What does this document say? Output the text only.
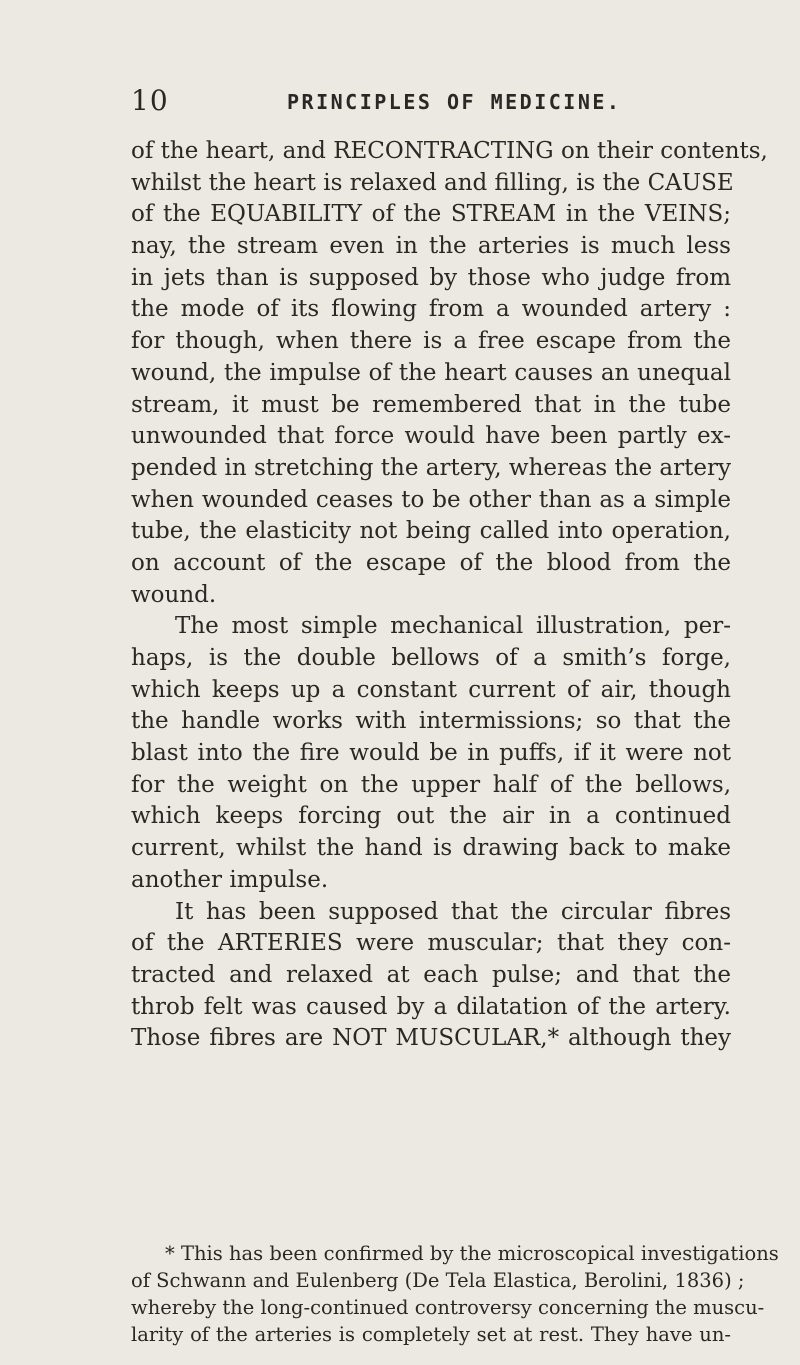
10	PRINCIPLES OF MEDICINE.
of the heart, and RECONTRACTING on their contents,
whilst the heart is relaxed and filling, is the CAUSE
of the EQUABILITY of the STREAM in the VEINS;
nay, the stream even in the arteries is much less
in jets than is supposed by those who judge from
the mode of its flowing from a wounded artery :
for though, when there is a free escape from the
wound, the impulse of the heart causes an unequal
stream, it must be remembered that in the tube
unwounded that force would have been partly ex-
pended in stretching the artery, whereas the artery
when wounded ceases to be other than as a simple
tube, the elasticity not being called into operation,
on account of the escape of the blood from the
wound.
The most simple mechanical illustration, per-
haps, is the double bellows of a smith’s forge,
which keeps up a constant current of air, though
the handle works with intermissions; so that the
blast into the fire would be in puffs, if it were not
for the weight on the upper half of the bellows,
which keeps forcing out the air in a continued
current, whilst the hand is drawing back to make
another impulse.
It has been supposed that the circular fibres
of the ARTERIES were muscular; that they con-
tracted and relaxed at each pulse; and that the
throb felt was caused by a dilatation of the artery.
Those fibres are NOT MUSCULAR,* although they
* This has been confirmed by the microscopical investigations
of Schwann and Eulenberg (De Tela Elastica, Berolini, 1836) ;
whereby the long-continued controversy concerning the muscu-
larity of the arteries is completely set at rest. They have un-
